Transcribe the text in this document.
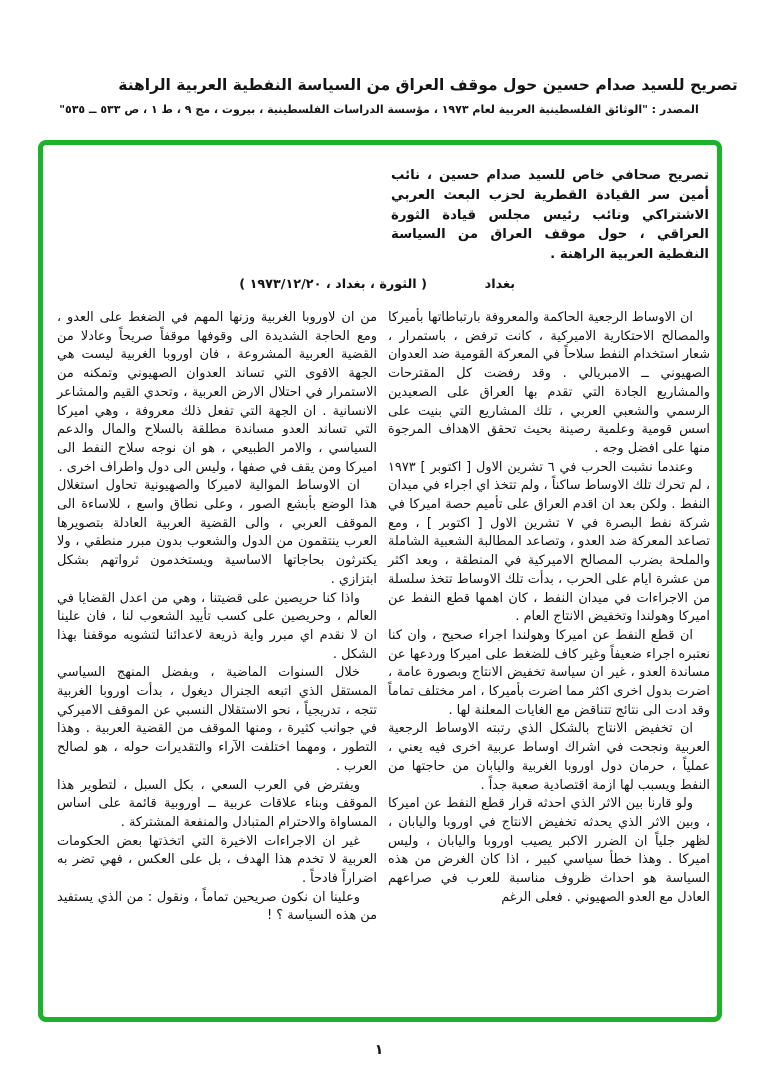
تصريح للسيد صدام حسين حول موقف العراق من السياسة النفطية العربية الراهنة
المصدر : "الوثائق الفلسطينية العربية لعام ١٩٧٣ ، مؤسسة الدراسات الفلسطينية ، بيروت ، مج ٩ ، ط ١ ، ص ٥٣٣ ــ ٥٣٥"
تصريح صحافي خاص للسيد صدام حسين ، نائب أمين سر القيادة القطرية لحزب البعث العربي الاشتراكي ونائب رئيس مجلس قيادة الثورة العراقي ، حول موقف العراق من السياسة النفطية العربية الراهنة .
بغداد
( الثورة ، بغداد ، ١٩٧٣/١٢/٢٠ )

ان الاوساط الرجعية الحاكمة والمعروفة بارتباطاتها بأميركا والمصالح الاحتكارية الاميركية ، كانت ترفض ، باستمرار ، شعار استخدام النفط سلاحاً في المعركة القومية ضد العدوان الصهيوني ــ الامبريالي . وقد رفضت كل المقترحات والمشاريع الجادة التي تقدم بها العراق على الصعيدين الرسمي والشعبي العربي ، تلك المشاريع التي بنيت على اسس قومية وعلمية رصينة بحيث تحقق الاهداف المرجوة منها على افضل وجه .

وعندما نشبت الحرب في ٦ تشرين الاول [ اكتوبر ] ١٩٧٣ ، لم تحرك تلك الاوساط ساكناً ، ولم تتخذ اي اجراء في ميدان النفط . ولكن بعد ان اقدم العراق على تأميم حصة اميركا في شركة نفط البصرة في ٧ تشرين الاول [ اكتوبر ] ، ومع تصاعد المعركة ضد العدو ، وتصاعد المطالبة الشعبية الشاملة والملحة بضرب المصالح الاميركية في المنطقة ، وبعد اكثر من عشرة ايام على الحرب ، بدأت تلك الاوساط تتخذ سلسلة من الاجراءات في ميدان النفط ، كان اهمها قطع النفط عن اميركا وهولندا وتخفيض الانتاج العام .

ان قطع النفط عن اميركا وهولندا اجراء صحيح ، وان كنا نعتبره اجراء ضعيفاً وغير كاف للضغط على اميركا وردعها عن مساندة العدو ، غير ان سياسة تخفيض الانتاج وبصورة عامة ، اضرت بدول اخرى اكثر مما اضرت بأميركا ، امر مختلف تماماً وقد ادت الى نتائج تتناقض مع الغايات المعلنة لها .

ان تخفيض الانتاج بالشكل الذي رتبته الاوساط الرجعية العربية ونجحت في اشراك اوساط عربية اخرى فيه يعني ، عملياً ، حرمان دول اوروبا الغربية واليابان من حاجتها من النفط ويسبب لها ازمة اقتصادية صعبة جداً .

ولو قارنا بين الاثر الذي احدثه قرار قطع النفط عن اميركا ، وبين الاثر الذي يحدثه تخفيض الانتاج في اوروبا واليابان ، لظهر جلياً ان الضرر الاكبر يصيب اوروبا واليابان ، وليس اميركا . وهذا خطأ سياسي كبير ، اذا كان الغرض من هذه السياسة هو احداث ظروف مناسبة للعرب في صراعهم العادل مع العدو الصهيوني . فعلى الرغم

من ان لاوروبا الغربية وزنها المهم في الضغط على العدو ، ومع الحاجة الشديدة الى وقوفها موقفاً صريحاً وعادلا من القضية العربية المشروعة ، فان اوروبا الغربية ليست هي الجهة الاقوى التي تساند العدوان الصهيوني وتمكنه من الاستمرار في احتلال الارض العربية ، وتحدي القيم والمشاعر الانسانية . ان الجهة التي تفعل ذلك معروفة ، وهي اميركا التي تساند العدو مساندة مطلقة بالسلاح والمال والدعم السياسي ، والامر الطبيعي ، هو ان نوجه سلاح النفط الى اميركا ومن يقف في صفها ، وليس الى دول واطراف اخرى .

ان الاوساط الموالية لاميركا والصهيونية تحاول استغلال هذا الوضع بأبشع الصور ، وعلى نطاق واسع ، للاساءة الى الموقف العربي ، والى القضية العربية العادلة بتصويرها العرب ينتقمون من الدول والشعوب بدون مبرر منطقي ، ولا يكترثون بحاجاتها الاساسية ويستخدمون ثرواتهم بشكل ابتزازي .

واذا كنا حريصين على قضيتنا ، وهي من اعدل القضايا في العالم ، وحريصين على كسب تأييد الشعوب لنا ، فان علينا ان لا نقدم اي مبرر واية ذريعة لاعدائنا لتشويه موقفنا بهذا الشكل .

خلال السنوات الماضية ، وبفضل المنهج السياسي المستقل الذي اتبعه الجنرال ديغول ، بدأت اوروبا الغربية تتجه ، تدريجياً ، نحو الاستقلال النسبي عن الموقف الاميركي في جوانب كثيرة ، ومنها الموقف من القضية العربية . وهذا التطور ، ومهما اختلفت الآراء والتقديرات حوله ، هو لصالح العرب .

ويفترض في العرب السعي ، بكل السبل ، لتطوير هذا الموقف وبناء علاقات عربية ــ اوروبية قائمة على اساس المساواة والاحترام المتبادل والمنفعة المشتركة .

غير ان الاجراءات الاخيرة التي اتخذتها بعض الحكومات العربية لا تخدم هذا الهدف ، بل على العكس ، فهي تضر به اضراراً فادحاً .

وعلينا ان نكون صريحين تماماً ، ونقول : من الذي يستفيد من هذه السياسة ؟ !

١
